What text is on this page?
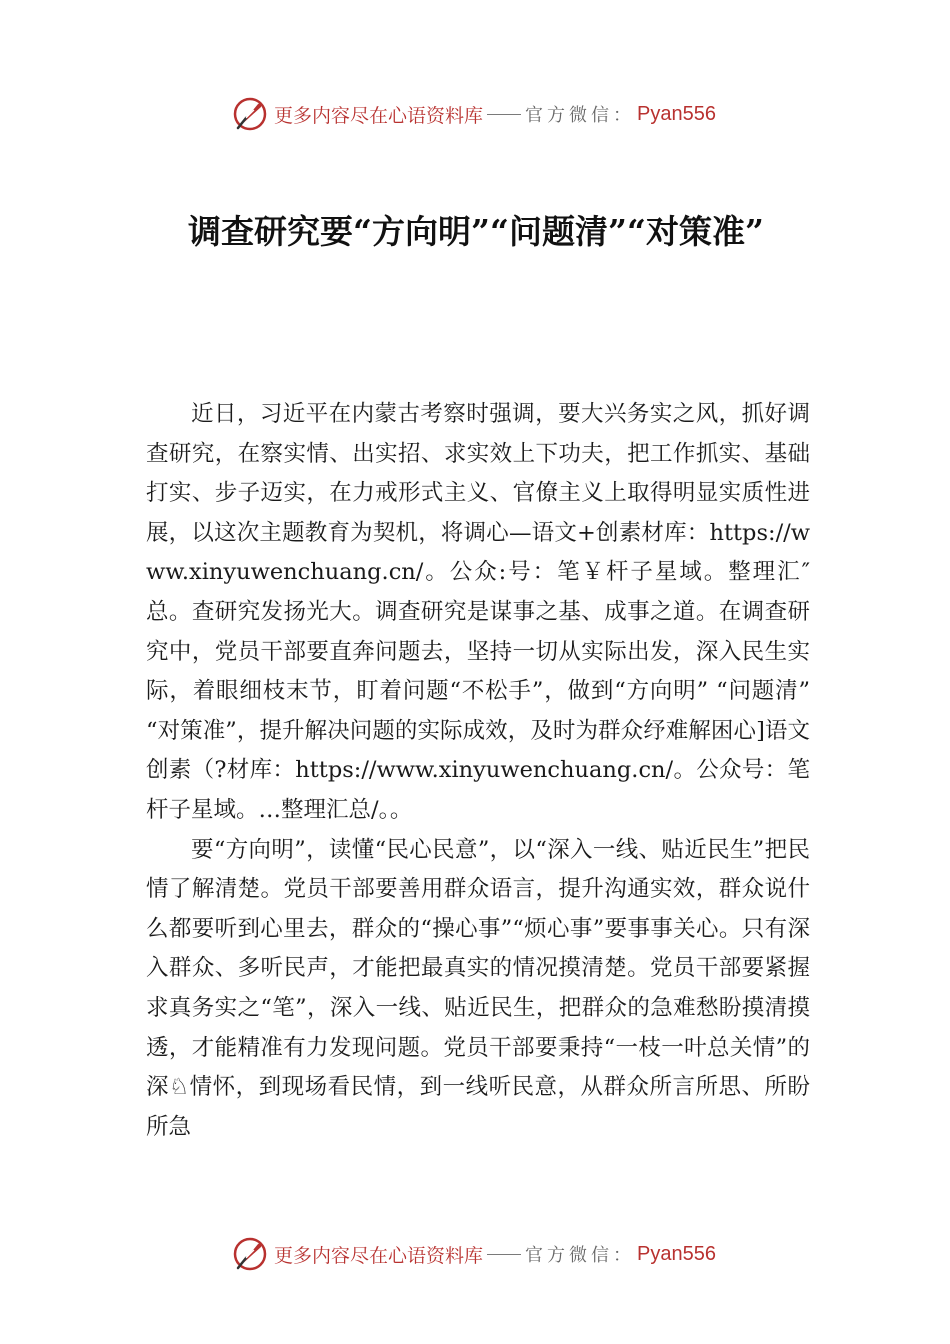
更多内容尽在心语资料库 官方微信： Pyan556
调查研究要“方向明”“问题清”“对策准”

近日，习近平在内蒙古考察时强调，要大兴务实之风，抓好调查研究，在察实情、出实招、求实效上下功夫，把工作抓实、基础打实、步子迈实，在力戒形式主义、官僚主义上取得明显实质性进展，以这次主题教育为契机，将调心—语文+创素材库：https://www.xinyuwenchuang.cn/。公众:号：笔￥杆子星域。整理汇″总。查研究发扬光大。调查研究是谋事之基、成事之道。在调查研究中，党员干部要直奔问题去，坚持一切从实际出发，深入民生实际，着眼细枝末节，盯着问题“不松手”，做到“方向明” “问题清” “对策准”，提升解决问题的实际成效，及时为群众纾难解困心]语文创素（?材库：https://www.xinyuwenchuang.cn/。公众号：笔杆子星域。…整理汇总/。。

要“方向明”，读懂“民心民意”，以“深入一线、贴近民生”把民情了解清楚。党员干部要善用群众语言，提升沟通实效，群众说什么都要听到心里去，群众的“操心事”“烦心事”要事事关心。只有深入群众、多听民声，才能把最真实的情况摸清楚。党员干部要紧握求真务实之“笔”，深入一线、贴近民生，把群众的急难愁盼摸清摸透，才能精准有力发现问题。党员干部要秉持“一枝一叶总关情”的深♘情怀，到现场看民情，到一线听民意，从群众所言所思、所盼所急

更多内容尽在心语资料库 官方微信： Pyan556
